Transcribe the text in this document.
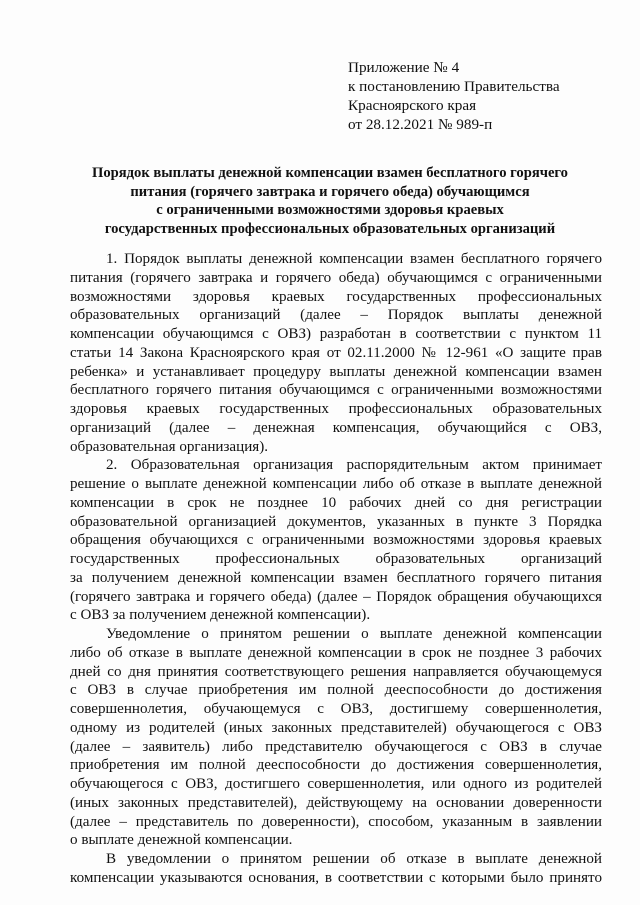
Приложение № 4
к постановлению Правительства
Красноярского края
от 28.12.2021 № 989-п
Порядок выплаты денежной компенсации взамен бесплатного горячего
питания (горячего завтрака и горячего обеда) обучающимся
с ограниченными возможностями здоровья краевых
государственных профессиональных образовательных организаций
1. Порядок выплаты денежной компенсации взамен бесплатного горячего
питания (горячего завтрака и горячего обеда) обучающимся с ограниченными
возможностями здоровья краевых государственных профессиональных
образовательных организаций (далее – Порядок выплаты денежной
компенсации обучающимся с ОВЗ) разработан в соответствии с пунктом 11
статьи 14 Закона Красноярского края от 02.11.2000 № 12-961 «О защите прав
ребенка» и устанавливает процедуру выплаты денежной компенсации взамен
бесплатного горячего питания обучающимся с ограниченными возможностями
здоровья краевых государственных профессиональных образовательных
организаций (далее – денежная компенсация, обучающийся с ОВЗ,
образовательная организация).
2. Образовательная организация распорядительным актом принимает
решение о выплате денежной компенсации либо об отказе в выплате денежной
компенсации в срок не позднее 10 рабочих дней со дня регистрации
образовательной организацией документов, указанных в пункте 3 Порядка
обращения обучающихся с ограниченными возможностями здоровья краевых
государственных профессиональных образовательных организаций
за получением денежной компенсации взамен бесплатного горячего питания
(горячего завтрака и горячего обеда) (далее – Порядок обращения обучающихся
с ОВЗ за получением денежной компенсации).
Уведомление о принятом решении о выплате денежной компенсации
либо об отказе в выплате денежной компенсации в срок не позднее 3 рабочих
дней со дня принятия соответствующего решения направляется обучающемуся
с ОВЗ в случае приобретения им полной дееспособности до достижения
совершеннолетия, обучающемуся с ОВЗ, достигшему совершеннолетия,
одному из родителей (иных законных представителей) обучающегося с ОВЗ
(далее – заявитель) либо представителю обучающегося с ОВЗ в случае
приобретения им полной дееспособности до достижения совершеннолетия,
обучающегося с ОВЗ, достигшего совершеннолетия, или одного из родителей
(иных законных представителей), действующему на основании доверенности
(далее – представитель по доверенности), способом, указанным в заявлении
о выплате денежной компенсации.
В уведомлении о принятом решении об отказе в выплате денежной
компенсации указываются основания, в соответствии с которыми было принято
